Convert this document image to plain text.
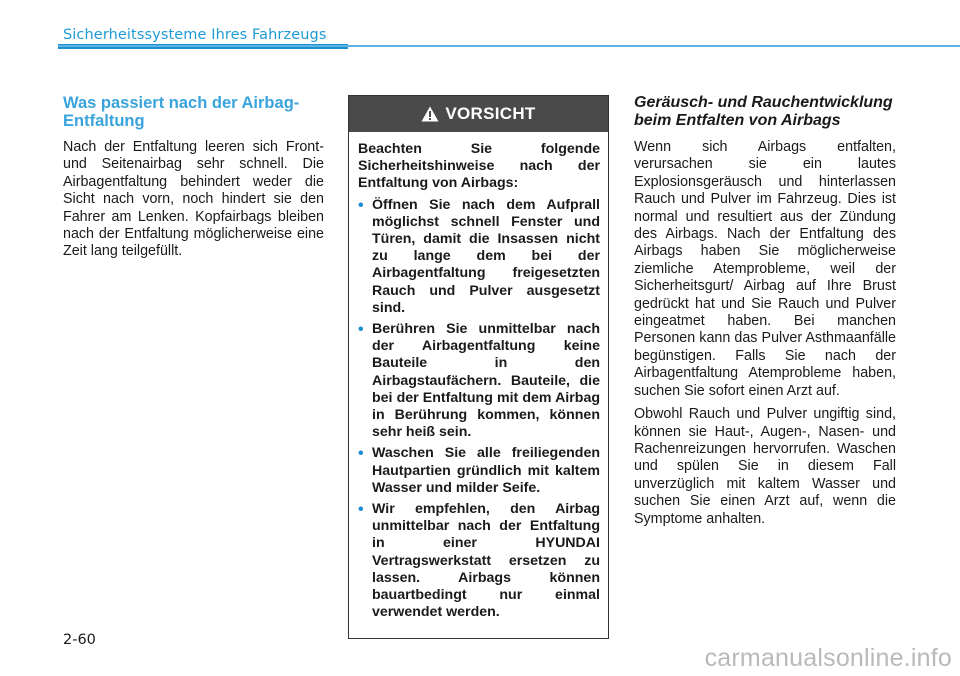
Sicherheitssysteme Ihres Fahrzeugs
Was passiert nach der Airbag-Entfaltung
Nach der Entfaltung leeren sich Front- und Seitenairbag sehr schnell. Die Airbagentfaltung behindert weder die Sicht nach vorn, noch hindert sie den Fahrer am Lenken. Kopfairbags bleiben nach der Entfaltung möglicherweise eine Zeit lang teilgefüllt.
VORSICHT
Beachten Sie folgende Sicherheitshinweise nach der Entfaltung von Airbags:
• Öffnen Sie nach dem Aufprall möglichst schnell Fenster und Türen, damit die Insassen nicht zu lange dem bei der Airbagentfaltung freigesetzten Rauch und Pulver ausgesetzt sind.
• Berühren Sie unmittelbar nach der Airbagentfaltung keine Bauteile in den Airbagstaufächern. Bauteile, die bei der Entfaltung mit dem Airbag in Berührung kommen, können sehr heiß sein.
• Waschen Sie alle freiliegenden Hautpartien gründlich mit kaltem Wasser und milder Seife.
• Wir empfehlen, den Airbag unmittelbar nach der Entfaltung in einer HYUNDAI Vertragswerkstatt ersetzen zu lassen. Airbags können bauartbedingt nur einmal verwendet werden.
Geräusch- und Rauchentwicklung beim Entfalten von Airbags
Wenn sich Airbags entfalten, verursachen sie ein lautes Explosionsgeräusch und hinterlassen Rauch und Pulver im Fahrzeug. Dies ist normal und resultiert aus der Zündung des Airbags. Nach der Entfaltung des Airbags haben Sie möglicherweise ziemliche Atemprobleme, weil der Sicherheitsgurt/ Airbag auf Ihre Brust gedrückt hat und Sie Rauch und Pulver eingeatmet haben. Bei manchen Personen kann das Pulver Asthmaanfälle begünstigen. Falls Sie nach der Airbagentfaltung Atemprobleme haben, suchen Sie sofort einen Arzt auf.
Obwohl Rauch und Pulver ungiftig sind, können sie Haut-, Augen-, Nasen- und Rachenreizungen hervorrufen. Waschen und spülen Sie in diesem Fall unverzüglich mit kaltem Wasser und suchen Sie einen Arzt auf, wenn die Symptome anhalten.
2-60
carmanualsonline.info
